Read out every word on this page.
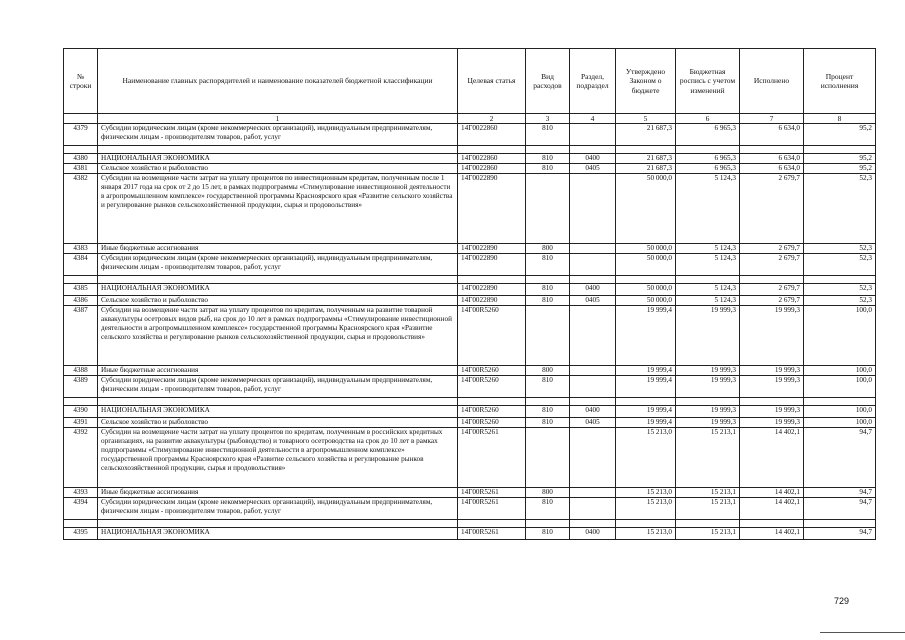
№ строки	Наименование главных распорядителей и наименование показателей бюджетной классификации	Целевая статья	Вид расходов	Раздел, подраздел	Утверждено Законом о бюджете	Бюджетная роспись с учетом изменений	Исполнено	Процент исполнения
	1	2	3	4	5	6	7	8
4379	Субсидии юридическим лицам (кроме некоммерческих организаций), индивидуальным предпринимателям, физическим лицам - производителям товаров, работ, услуг	14Г0022860	810		21 687,3	6 965,3	6 634,0	95,2

4380	НАЦИОНАЛЬНАЯ ЭКОНОМИКА	14Г0022860	810	0400	21 687,3	6 965,3	6 634,0	95,2
4381	Сельское хозяйство и рыболовство	14Г0022860	810	0405	21 687,3	6 965,3	6 634,0	95,2
4382	Субсидии на возмещение части затрат на уплату процентов по инвестиционным кредитам, полученным после 1 января 2017 года на срок от 2 до 15 лет, в рамках подпрограммы «Стимулирование инвестиционной деятельности в агропромышленном комплексе» государственной программы Красноярского края «Развитие сельского хозяйства и регулирование рынков сельскохозяйственной продукции, сырья и продовольствия»	14Г0022890			50 000,0	5 124,3	2 679,7	52,3
4383	Иные бюджетные ассигнования	14Г0022890	800		50 000,0	5 124,3	2 679,7	52,3
4384	Субсидии юридическим лицам (кроме некоммерческих организаций), индивидуальным предпринимателям, физическим лицам - производителям товаров, работ, услуг	14Г0022890	810		50 000,0	5 124,3	2 679,7	52,3

4385	НАЦИОНАЛЬНАЯ ЭКОНОМИКА	14Г0022890	810	0400	50 000,0	5 124,3	2 679,7	52,3
4386	Сельское хозяйство и рыболовство	14Г0022890	810	0405	50 000,0	5 124,3	2 679,7	52,3
4387	Субсидии на возмещение части затрат на уплату процентов по кредитам, полученным на развитие товарной аквакультуры осетровых видов рыб, на срок до 10 лет в рамках подпрограммы «Стимулирование инвестиционной деятельности в агропромышленном комплексе» государственной программы Красноярского края «Развитие сельского хозяйства и регулирование рынков сельскохозяйственной продукции, сырья и продовольствия»	14Г00R5260			19 999,4	19 999,3	19 999,3	100,0
4388	Иные бюджетные ассигнования	14Г00R5260	800		19 999,4	19 999,3	19 999,3	100,0
4389	Субсидии юридическим лицам (кроме некоммерческих организаций), индивидуальным предпринимателям, физическим лицам - производителям товаров, работ, услуг	14Г00R5260	810		19 999,4	19 999,3	19 999,3	100,0

4390	НАЦИОНАЛЬНАЯ ЭКОНОМИКА	14Г00R5260	810	0400	19 999,4	19 999,3	19 999,3	100,0
4391	Сельское хозяйство и рыболовство	14Г00R5260	810	0405	19 999,4	19 999,3	19 999,3	100,0
4392	Субсидии на возмещение части затрат на уплату процентов по кредитам, полученным в российских кредитных организациях, на развитие аквакультуры (рыбоводство) и товарного осетроводства на срок до 10 лет в рамках подпрограммы «Стимулирование инвестиционной деятельности в агропромышленном комплексе» государственной программы Красноярского края «Развитие сельского хозяйства и регулирование рынков сельскохозяйственной продукции, сырья и продовольствия»	14Г00R5261			15 213,0	15 213,1	14 402,1	94,7
4393	Иные бюджетные ассигнования	14Г00R5261	800		15 213,0	15 213,1	14 402,1	94,7
4394	Субсидии юридическим лицам (кроме некоммерческих организаций), индивидуальным предпринимателям, физическим лицам - производителям товаров, работ, услуг	14Г00R5261	810		15 213,0	15 213,1	14 402,1	94,7

4395	НАЦИОНАЛЬНАЯ ЭКОНОМИКА	14Г00R5261	810	0400	15 213,0	15 213,1	14 402,1	94,7
729
